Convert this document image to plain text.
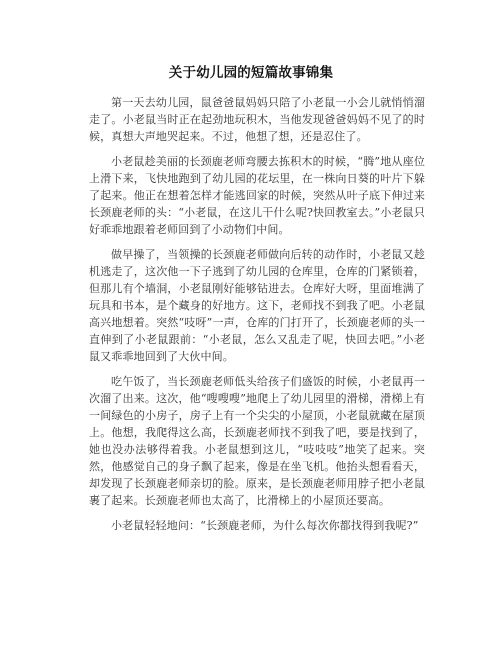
关于幼儿园的短篇故事锦集

第一天去幼儿园，鼠爸爸鼠妈妈只陪了小老鼠一小会儿就悄悄溜走了。小老鼠当时正在起劲地玩积木，当他发现爸爸妈妈不见了的时候，真想大声地哭起来。不过，他想了想，还是忍住了。

小老鼠趁美丽的长颈鹿老师弯腰去拣积木的时候，“腾”地从座位上滑下来，飞快地跑到了幼儿园的花坛里，在一株向日葵的叶片下躲了起来。他正在想着怎样才能逃回家的时候，突然从叶子底下伸过来长颈鹿老师的头：“小老鼠，在这儿干什么呢?快回教室去。”小老鼠只好乖乖地跟着老师回到了小动物们中间。

做早操了，当领操的长颈鹿老师做向后转的动作时，小老鼠又趁机逃走了，这次他一下子逃到了幼儿园的仓库里，仓库的门紧锁着，但那儿有个墙洞，小老鼠刚好能够钻进去。仓库好大呀，里面堆满了玩具和书本，是个藏身的好地方。这下，老师找不到我了吧。小老鼠高兴地想着。突然“吱呀”一声，仓库的门打开了，长颈鹿老师的头一直伸到了小老鼠跟前：“小老鼠，怎么又乱走了呢，快回去吧。”小老鼠又乖乖地回到了大伙中间。

吃午饭了，当长颈鹿老师低头给孩子们盛饭的时候，小老鼠再一次溜了出来。这次，他“嗖嗖嗖”地爬上了幼儿园里的滑梯，滑梯上有一间绿色的小房子，房子上有一个尖尖的小屋顶，小老鼠就藏在屋顶上。他想，我爬得这么高，长颈鹿老师找不到我了吧，要是找到了，她也没办法够得着我。小老鼠想到这儿，“吱吱吱”地笑了起来。突然，他感觉自己的身子飘了起来，像是在坐飞机。他抬头想看看天，却发现了长颈鹿老师亲切的脸。原来，是长颈鹿老师用脖子把小老鼠裹了起来。长颈鹿老师也太高了，比滑梯上的小屋顶还要高。

小老鼠轻轻地问：“长颈鹿老师，为什么每次你都找得到我呢?”
